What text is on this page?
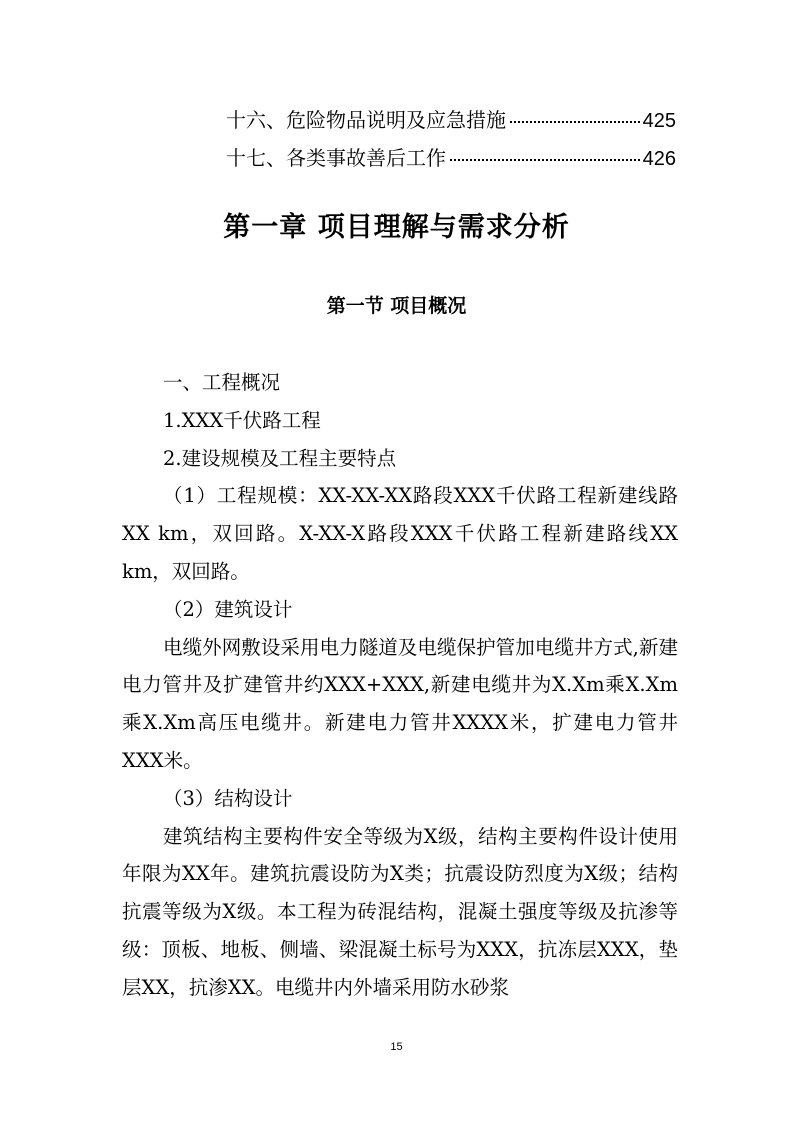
十六、危险物品说明及应急措施	425
十七、各类事故善后工作	426
第一章 项目理解与需求分析
第一节 项目概况

一、工程概况

1.XXX千伏路工程

2.建设规模及工程主要特点

（1）工程规模：XX-XX-XX路段XXX千伏路工程新建线路XX km，双回路。X-XX-X路段XXX千伏路工程新建路线XX km，双回路。

（2）建筑设计

电缆外网敷设采用电力隧道及电缆保护管加电缆井方式,新建电力管井及扩建管井约XXX+XXX,新建电缆井为X.Xm乘X.Xm乘X.Xm高压电缆井。新建电力管井XXXX米，扩建电力管井XXX米。

（3）结构设计

建筑结构主要构件安全等级为X级，结构主要构件设计使用年限为XX年。建筑抗震设防为X类；抗震设防烈度为X级；结构抗震等级为X级。本工程为砖混结构，混凝土强度等级及抗渗等级：顶板、地板、侧墙、梁混凝土标号为XXX，抗冻层XXX，垫层XX，抗渗XX。电缆井内外墙采用防水砂浆

15
